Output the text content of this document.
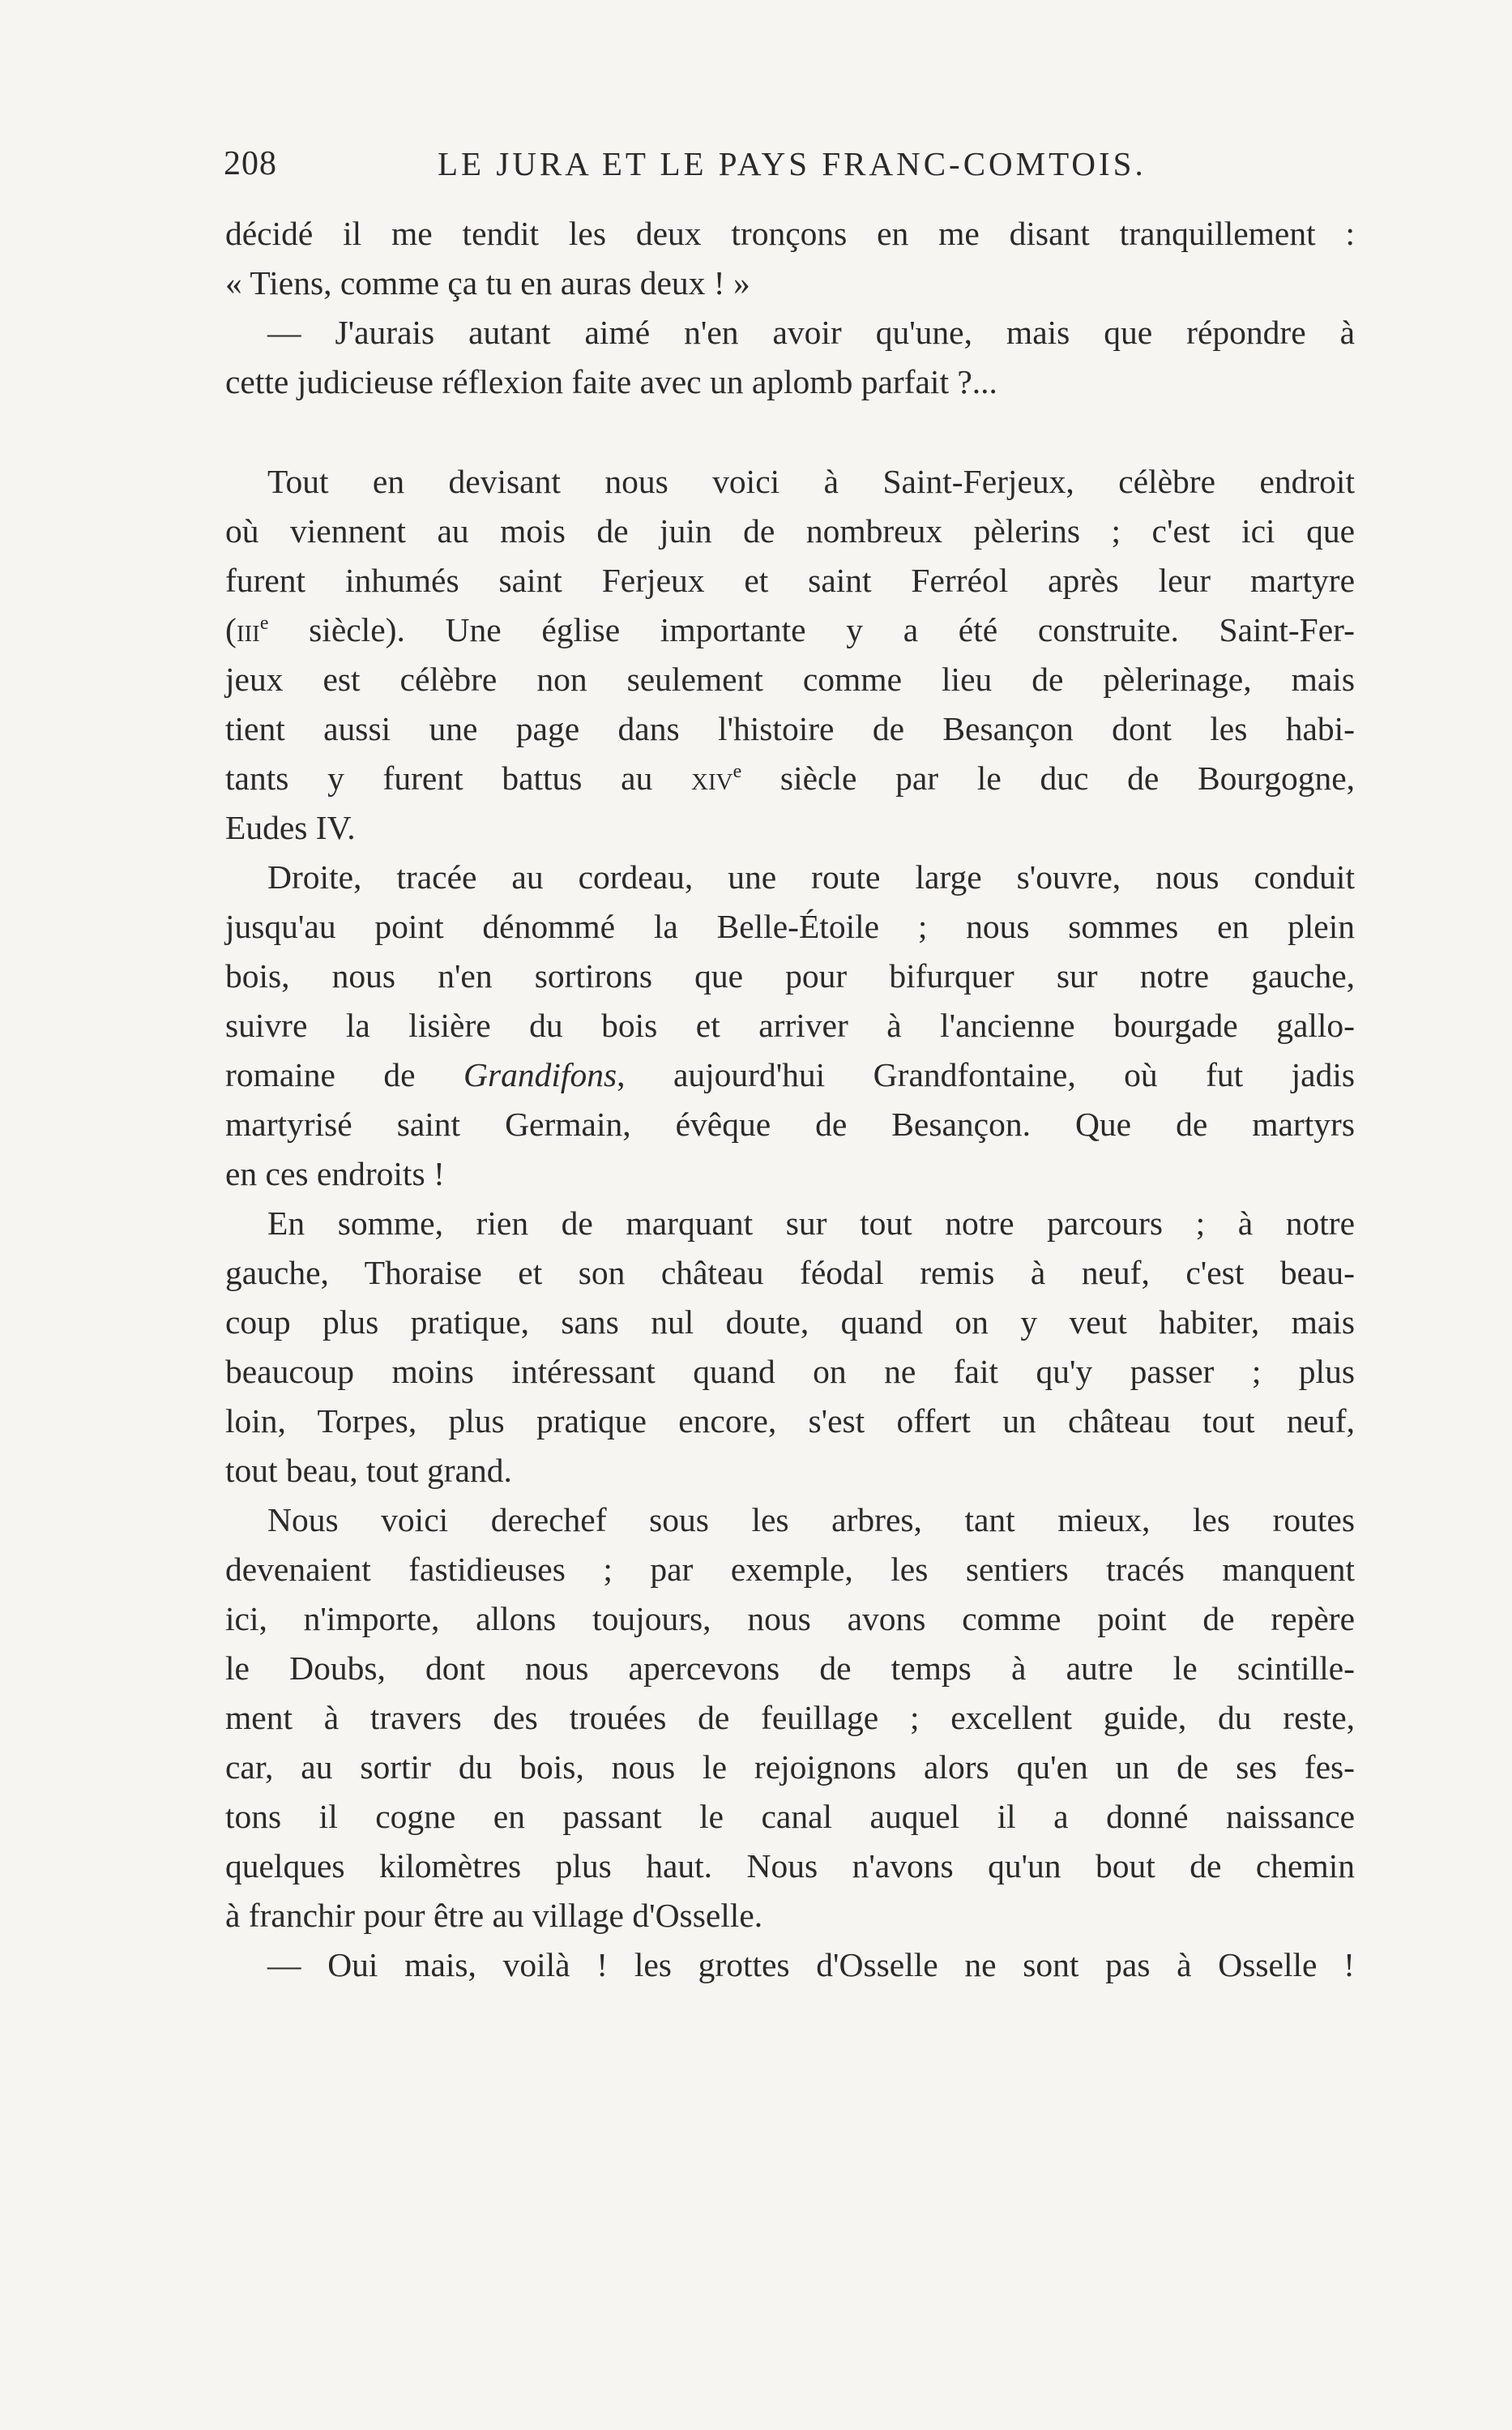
208	LE JURA ET LE PAYS FRANC-COMTOIS.
décidé il me tendit les deux tronçons en me disant tranquillement :
« Tiens, comme ça tu en auras deux ! »
— J'aurais autant aimé n'en avoir qu'une, mais que répondre à
cette judicieuse réflexion faite avec un aplomb parfait ?...
Tout en devisant nous voici à Saint-Ferjeux, célèbre endroit
où viennent au mois de juin de nombreux pèlerins ; c'est ici que
furent inhumés saint Ferjeux et saint Ferréol après leur martyre
(iii$^e$ siècle). Une église importante y a été construite. Saint-Fer-
jeux est célèbre non seulement comme lieu de pèlerinage, mais
tient aussi une page dans l'histoire de Besançon dont les habi-
tants y furent battus au xiv$^e$ siècle par le duc de Bourgogne,
Eudes IV.
Droite, tracée au cordeau, une route large s'ouvre, nous conduit
jusqu'au point dénommé la Belle-Étoile ; nous sommes en plein
bois, nous n'en sortirons que pour bifurquer sur notre gauche,
suivre la lisière du bois et arriver à l'ancienne bourgade gallo-
romaine de Grandifons, aujourd'hui Grandfontaine, où fut jadis
martyrisé saint Germain, évêque de Besançon. Que de martyrs
en ces endroits !
En somme, rien de marquant sur tout notre parcours ; à notre
gauche, Thoraise et son château féodal remis à neuf, c'est beau-
coup plus pratique, sans nul doute, quand on y veut habiter, mais
beaucoup moins intéressant quand on ne fait qu'y passer ; plus
loin, Torpes, plus pratique encore, s'est offert un château tout neuf,
tout beau, tout grand.
Nous voici derechef sous les arbres, tant mieux, les routes
devenaient fastidieuses ; par exemple, les sentiers tracés manquent
ici, n'importe, allons toujours, nous avons comme point de repère
le Doubs, dont nous apercevons de temps à autre le scintille-
ment à travers des trouées de feuillage ; excellent guide, du reste,
car, au sortir du bois, nous le rejoignons alors qu'en un de ses fes-
tons il cogne en passant le canal auquel il a donné naissance
quelques kilomètres plus haut. Nous n'avons qu'un bout de chemin
à franchir pour être au village d'Osselle.
— Oui mais, voilà ! les grottes d'Osselle ne sont pas à Osselle !
